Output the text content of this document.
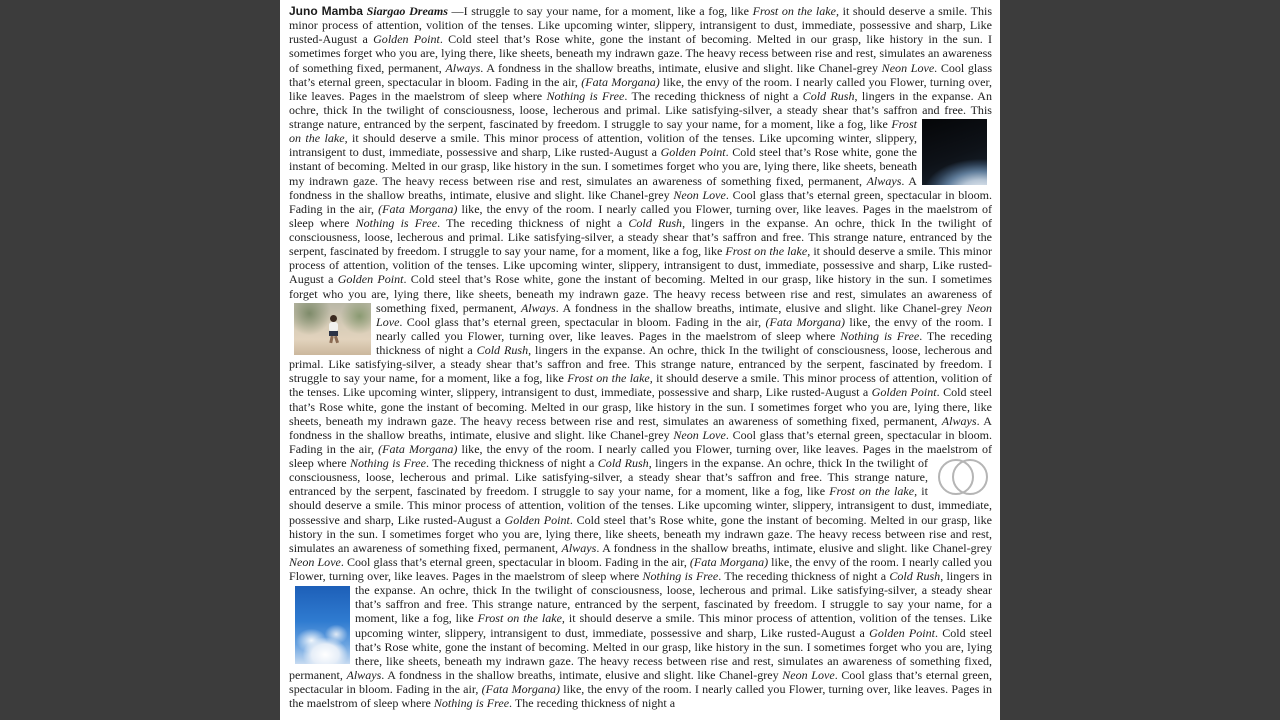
Juno Mamba Siargao Dreams —I struggle to say your name, for a moment, like a fog, like Frost on the lake, it should deserve a smile. This minor process of attention, volition of the tenses. Like upcoming winter, slippery, intransigent to dust, immediate, possessive and sharp, Like rusted-August a Golden Point. Cold steel that’s Rose white, gone the instant of becoming. Melted in our grasp, like history in the sun. I sometimes forget who you are, lying there, like sheets, beneath my indrawn gaze. The heavy recess between rise and rest, simulates an awareness of something fixed, permanent, Always. A fondness in the shallow breaths, intimate, elusive and slight. like Chanel-grey Neon Love. Cool glass that’s eternal green, spectacular in bloom. Fading in the air, (Fata Morgana) like, the envy of the room. I nearly called you Flower, turning over, like leaves. Pages in the maelstrom of sleep where Nothing is Free. The receding thickness of night a Cold Rush, lingers in the expanse. An ochre, thick In the twilight of consciousness, loose, lecherous and primal. Like satisfying-silver, a steady shear that’s saffron and free. This strange nature, entranced by the serpent, fascinated by freedom. I struggle to say your name, for a moment, like a fog, like
Frost on the lake, it should deserve a smile. This minor process of attention, volition of the tenses. Like upcoming winter, slippery, intransigent to dust, immediate, possessive and sharp, Like rusted-August a Golden Point. Cold steel that’s Rose white, gone the instant of becoming. Melted in our grasp, like history in the sun. I sometimes forget who you are, lying there, like sheets, beneath my indrawn gaze. The heavy recess between rise and rest, simulates an awareness of something fixed, permanent, Always. A fondness in the shallow breaths, intimate, elusive and slight. like Chanel-grey Neon Love. Cool glass that’s eternal green, spectacular in bloom. Fading in the air, (Fata Morgana) like, the envy of the room. I nearly called you Flower, turning over, like leaves. Pages in the maelstrom of sleep where Nothing is Free. The receding thickness of night a Cold Rush, lingers in the expanse. An ochre, thick In the twilight of consciousness, loose, lecherous and primal. Like satisfying-silver, a steady shear that’s saffron and free. This strange nature, entranced by the serpent, fascinated by freedom. I struggle to say your name, for a moment, like a fog, like Frost on the lake, it should deserve a smile. This minor process of attention, volition of the tenses. Like upcoming winter, slippery, intransigent to dust, immediate, possessive and sharp, Like rusted-August a Golden Point. Cold steel that’s Rose white, gone the instant of becoming. Melted in our grasp, like history in the sun. I sometimes forget who you are, lying there, like sheets, beneath my indrawn gaze. The heavy recess between rise and rest, simulates an awareness of something fixed, permanent, Always. A fondness in the shallow breaths, intimate, elusive and slight. like Chanel-grey
Neon Love. Cool glass that’s eternal green, spectacular in bloom. Fading in the air, (Fata Morgana) like, the envy of the room. I nearly called you Flower, turning over, like leaves. Pages in the maelstrom of sleep where Nothing is Free. The receding thickness of night a Cold Rush, lingers in the expanse. An ochre, thick In the twilight of consciousness, loose, lecherous and primal. Like satisfying-silver, a steady shear that’s saffron and free. This strange nature, entranced by the serpent, fascinated by freedom. I struggle to say your name, for a moment, like a fog, like Frost on the lake, it should deserve a smile. This minor process of attention, volition of the tenses. Like upcoming winter, slippery, intransigent to dust, immediate, possessive and sharp, Like rusted-August a Golden Point. Cold steel that’s Rose white, gone the instant of becoming. Melted in our grasp, like history in the sun. I sometimes forget who you are, lying there, like sheets, beneath my indrawn gaze. The heavy recess between rise and rest, simulates an awareness of something fixed, permanent, Always. A fondness in the shallow breaths, intimate, elusive and slight. like Chanel-grey Neon Love. Cool glass that’s eternal green, spectacular in bloom. Fading in the air, (Fata Morgana) like, the envy of the room. I nearly called you Flower, turning over, like leaves. Pages in the maelstrom of sleep where Nothing is Free. The receding thickness of night a Cold Rush
, lingers in the expanse. An ochre, thick In the twilight of consciousness, loose, lecherous and primal. Like satisfying-silver, a steady shear that’s saffron and free. This strange nature, entranced by the serpent, fascinated by freedom. I struggle to say your name, for a moment, like a fog, like Frost on the lake, it should deserve a smile. This minor process of attention, volition of the tenses. Like upcoming winter, slippery, intransigent to dust, immediate, possessive and sharp, Like rusted-August a Golden Point. Cold steel that’s Rose white, gone the instant of becoming. Melted in our grasp, like history in the sun. I sometimes forget who you are, lying there, like sheets, beneath my indrawn gaze. The heavy recess between rise and rest, simulates an awareness of something fixed, permanent, Always. A fondness in the shallow breaths, intimate, elusive and slight. like Chanel-grey Neon Love. Cool glass that’s eternal green, spectacular in bloom. Fading in the air, (Fata Morgana) like, the envy of the room. I nearly called you Flower, turning over, like leaves. Pages in the maelstrom of sleep where Nothing is Free. The receding thickness of night a Cold Rush
, lingers in the expanse. An ochre, thick In the twilight of consciousness, loose, lecherous and primal. Like satisfying-silver, a steady shear that’s saffron and free. This strange nature, entranced by the serpent, fascinated by freedom. I struggle to say your name, for a moment, like a fog, like Frost on the lake, it should deserve a smile. This minor process of attention, volition of the tenses. Like upcoming winter, slippery, intransigent to dust, immediate, possessive and sharp, Like rusted-August a Golden Point. Cold steel that’s Rose white, gone the instant of becoming. Melted in our grasp, like history in the sun. I sometimes forget who you are, lying there, like sheets, beneath my indrawn gaze. The heavy recess between rise and rest, simulates an awareness of something fixed, permanent, Always. A fondness in the shallow breaths, intimate, elusive and slight. like Chanel-grey Neon Love. Cool glass that’s eternal green, spectacular in bloom. Fading in the air, (Fata Morgana) like, the envy of the room. I nearly called you Flower, turning over, like leaves. Pages in the maelstrom of sleep where Nothing is Free. The receding thickness of night a
